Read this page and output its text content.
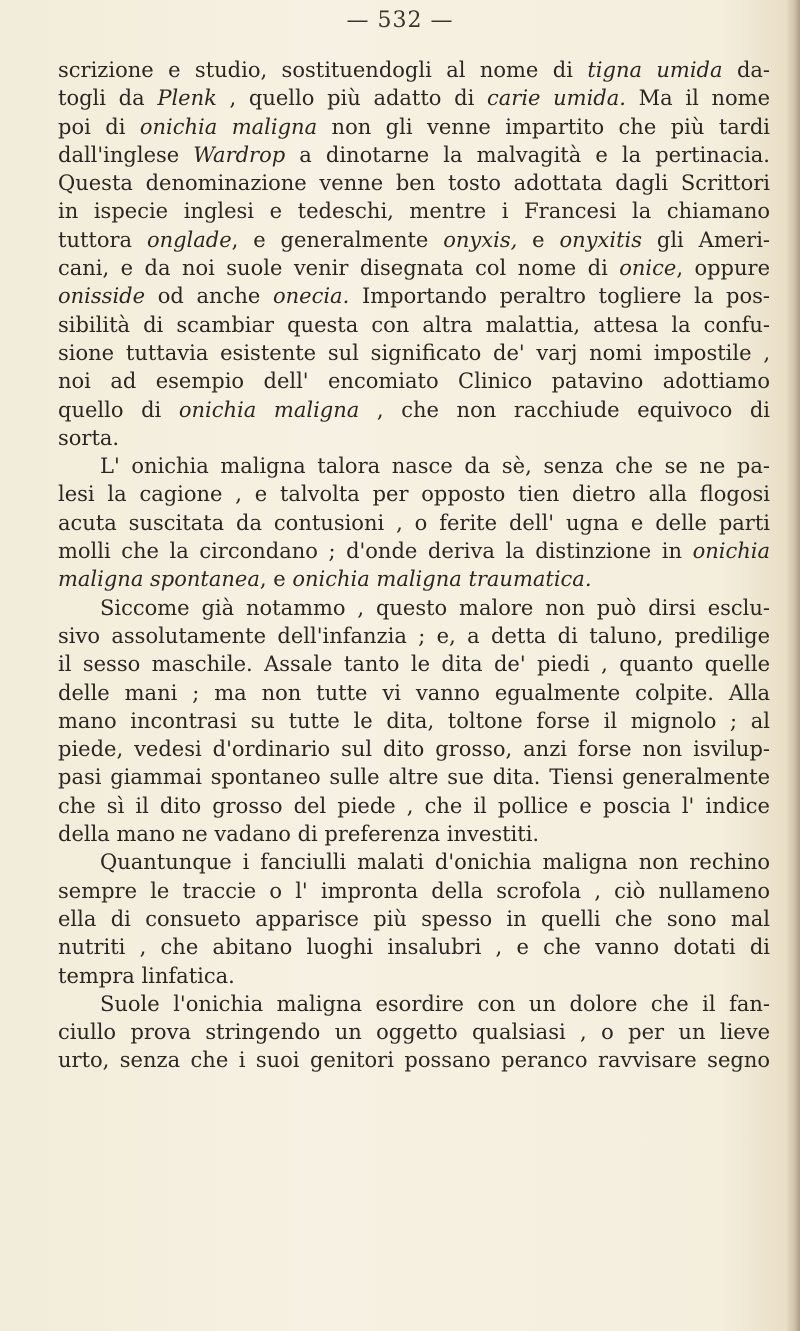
— 532 —
scrizione e studio, sostituendogli al nome di tigna umida da-
togli da Plenk , quello più adatto di carie umida. Ma il nome
poi di onichia maligna non gli venne impartito che più tardi
dall'inglese Wardrop a dinotarne la malvagità e la pertinacia.
Questa denominazione venne ben tosto adottata dagli Scrittori
in ispecie inglesi e tedeschi, mentre i Francesi la chiamano
tuttora onglade, e generalmente onyxis, e onyxitis gli Ameri-
cani, e da noi suole venir disegnata col nome di onice, oppure
onisside od anche onecia. Importando peraltro togliere la pos-
sibilità di scambiar questa con altra malattia, attesa la confu-
sione tuttavia esistente sul significato de' varj nomi impostile ,
noi ad esempio dell' encomiato Clinico patavino adottiamo
quello di onichia maligna , che non racchiude equivoco di
sorta.
L' onichia maligna talora nasce da sè, senza che se ne pa-
lesi la cagione , e talvolta per opposto tien dietro alla flogosi
acuta suscitata da contusioni , o ferite dell' ugna e delle parti
molli che la circondano ; d'onde deriva la distinzione in onichia
maligna spontanea, e onichia maligna traumatica.
Siccome già notammo , questo malore non può dirsi esclu-
sivo assolutamente dell'infanzia ; e, a detta di taluno, predilige
il sesso maschile. Assale tanto le dita de' piedi , quanto quelle
delle mani ; ma non tutte vi vanno egualmente colpite. Alla
mano incontrasi su tutte le dita, toltone forse il mignolo ; al
piede, vedesi d'ordinario sul dito grosso, anzi forse non isvilup-
pasi giammai spontaneo sulle altre sue dita. Tiensi generalmente
che sì il dito grosso del piede , che il pollice e poscia l' indice
della mano ne vadano di preferenza investiti.
Quantunque i fanciulli malati d'onichia maligna non rechino
sempre le traccie o l' impronta della scrofola , ciò nullameno
ella di consueto apparisce più spesso in quelli che sono mal
nutriti , che abitano luoghi insalubri , e che vanno dotati di
tempra linfatica.
Suole l'onichia maligna esordire con un dolore che il fan-
ciullo prova stringendo un oggetto qualsiasi , o per un lieve
urto, senza che i suoi genitori possano peranco ravvisare segno
